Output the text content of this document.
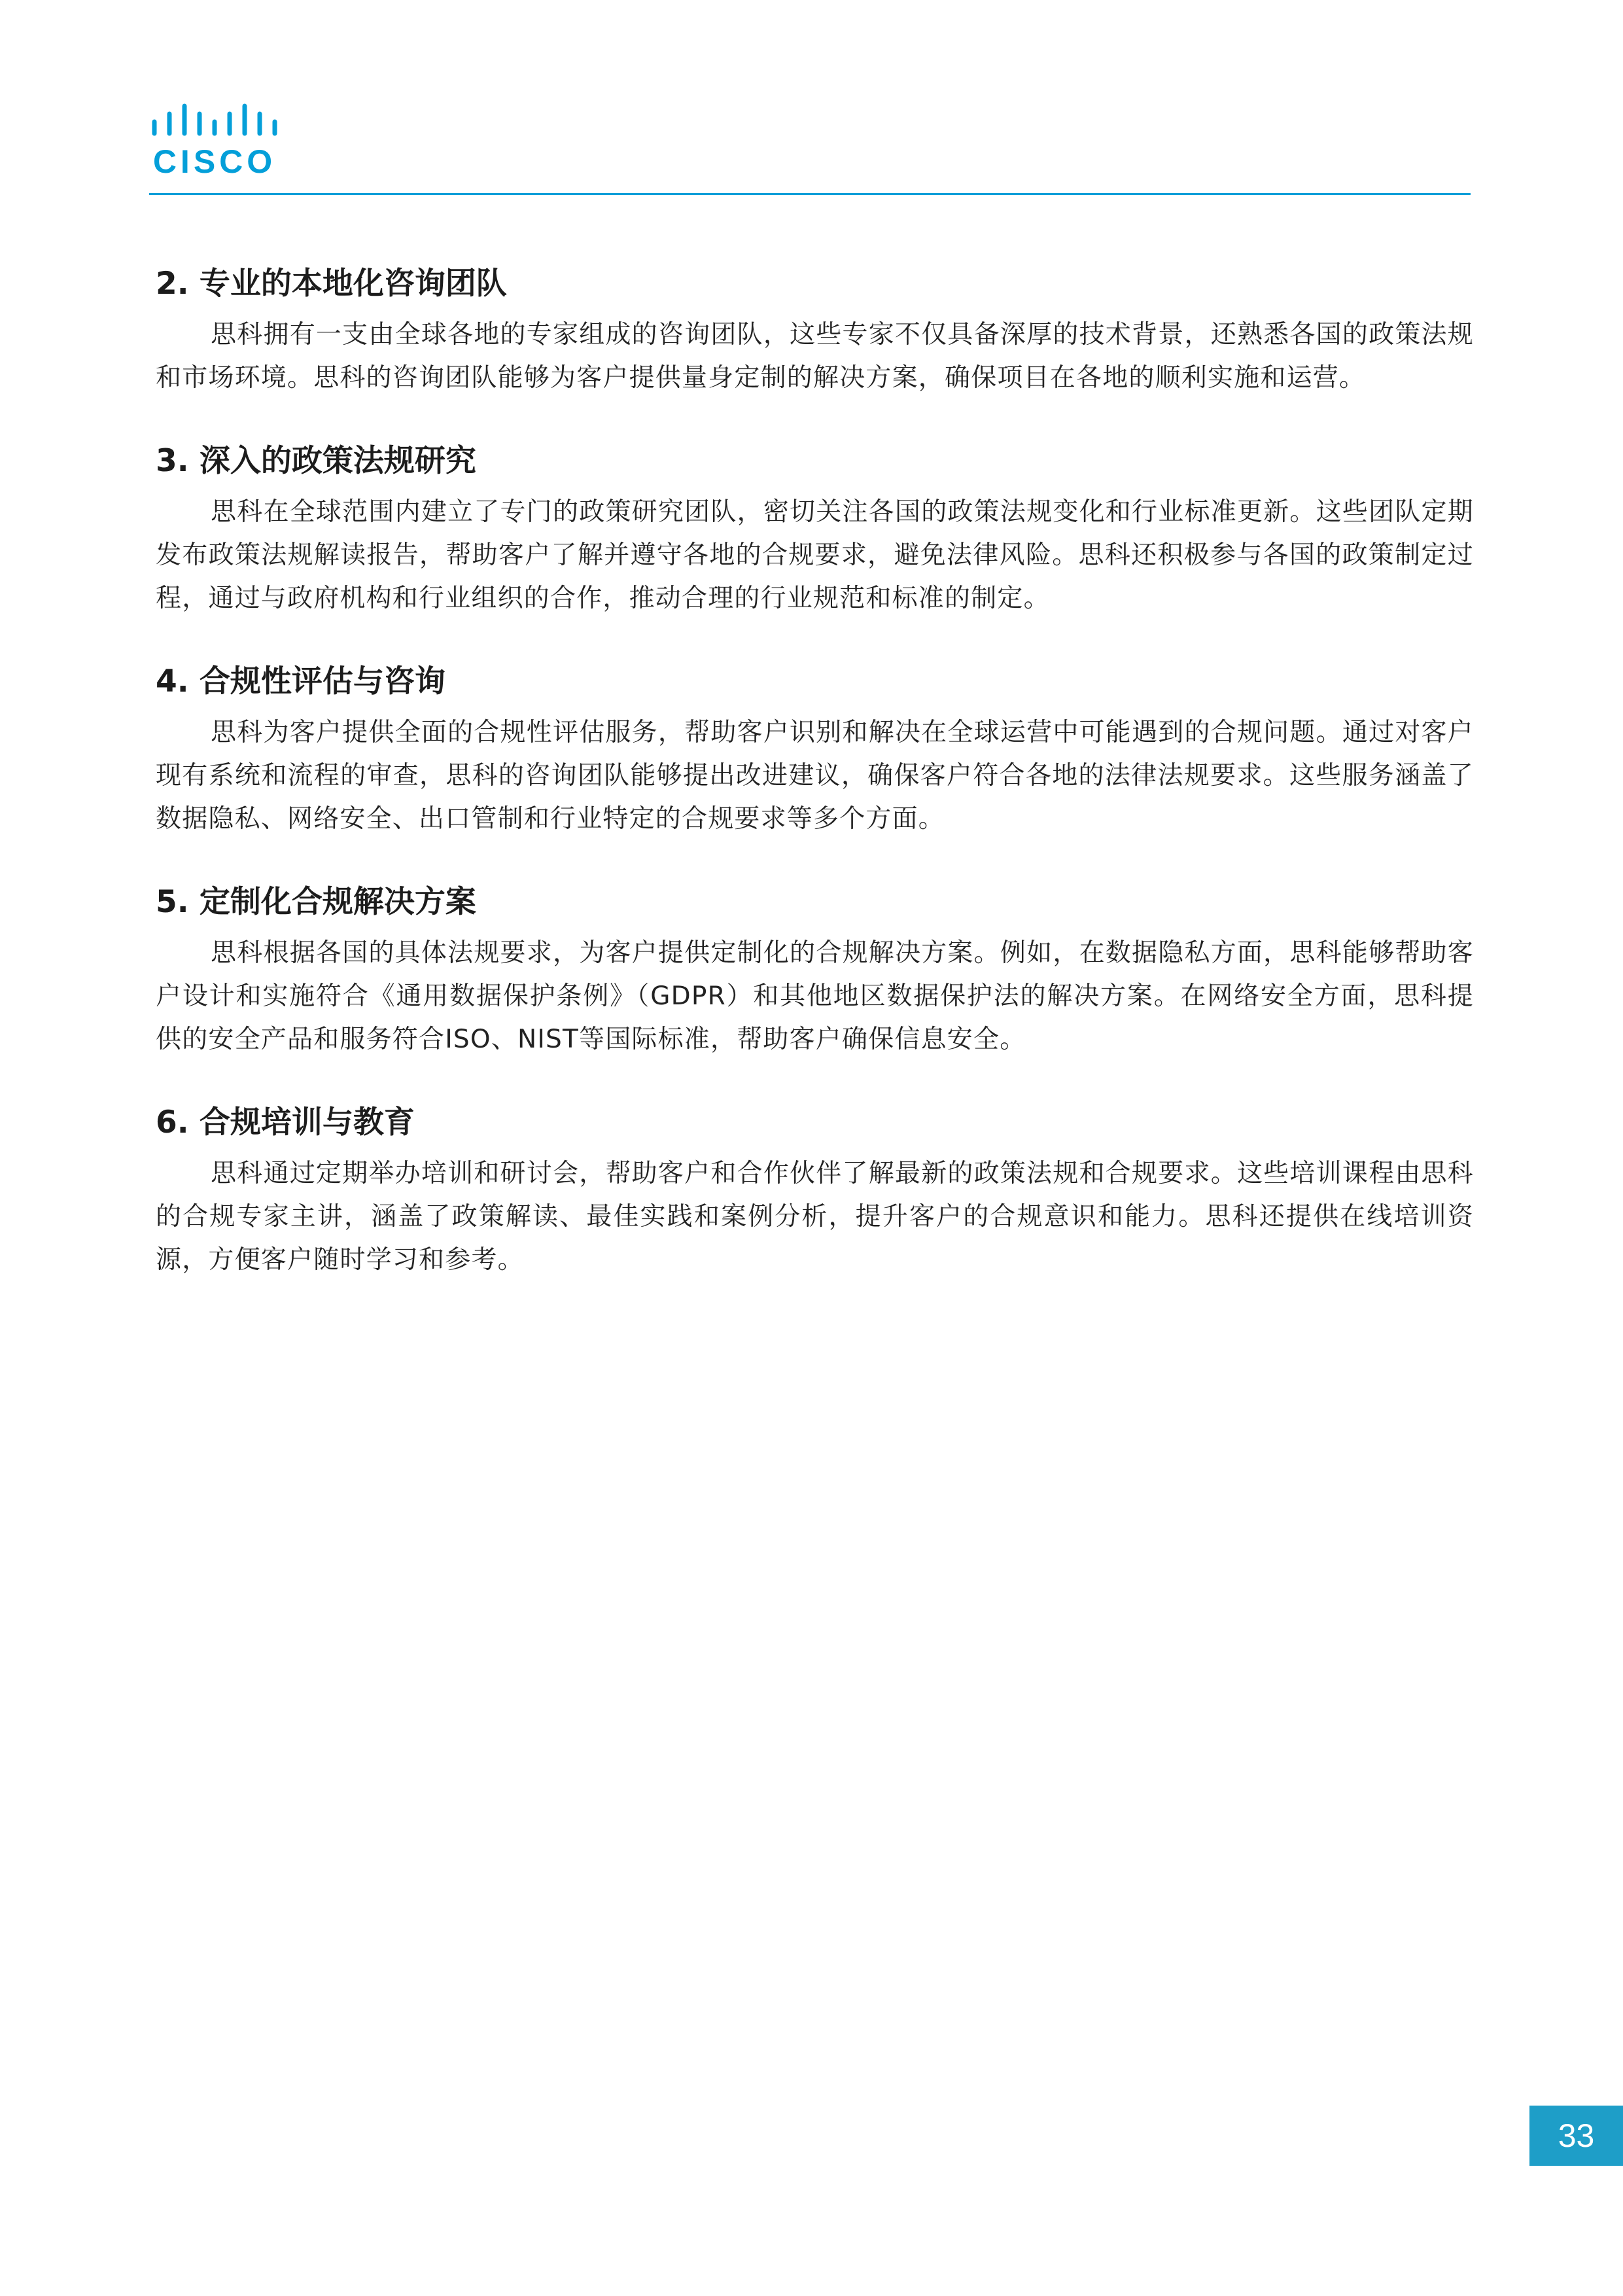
CISCO
2. 专业的本地化咨询团队

思科拥有一支由全球各地的专家组成的咨询团队，这些专家不仅具备深厚的技术背景，还熟悉各国的政策法规和市场环境。思科的咨询团队能够为客户提供量身定制的解决方案，确保项目在各地的顺利实施和运营。

3. 深入的政策法规研究

思科在全球范围内建立了专门的政策研究团队，密切关注各国的政策法规变化和行业标准更新。这些团队定期发布政策法规解读报告，帮助客户了解并遵守各地的合规要求，避免法律风险。思科还积极参与各国的政策制定过程，通过与政府机构和行业组织的合作，推动合理的行业规范和标准的制定。

4. 合规性评估与咨询

思科为客户提供全面的合规性评估服务，帮助客户识别和解决在全球运营中可能遇到的合规问题。通过对客户现有系统和流程的审查，思科的咨询团队能够提出改进建议，确保客户符合各地的法律法规要求。这些服务涵盖了数据隐私、网络安全、出口管制和行业特定的合规要求等多个方面。

5. 定制化合规解决方案

思科根据各国的具体法规要求，为客户提供定制化的合规解决方案。例如，在数据隐私方面，思科能够帮助客户设计和实施符合《通用数据保护条例》（GDPR）和其他地区数据保护法的解决方案。在网络安全方面，思科提供的安全产品和服务符合ISO、NIST等国际标准，帮助客户确保信息安全。

6. 合规培训与教育

思科通过定期举办培训和研讨会，帮助客户和合作伙伴了解最新的政策法规和合规要求。这些培训课程由思科的合规专家主讲，涵盖了政策解读、最佳实践和案例分析，提升客户的合规意识和能力。思科还提供在线培训资源，方便客户随时学习和参考。

33
